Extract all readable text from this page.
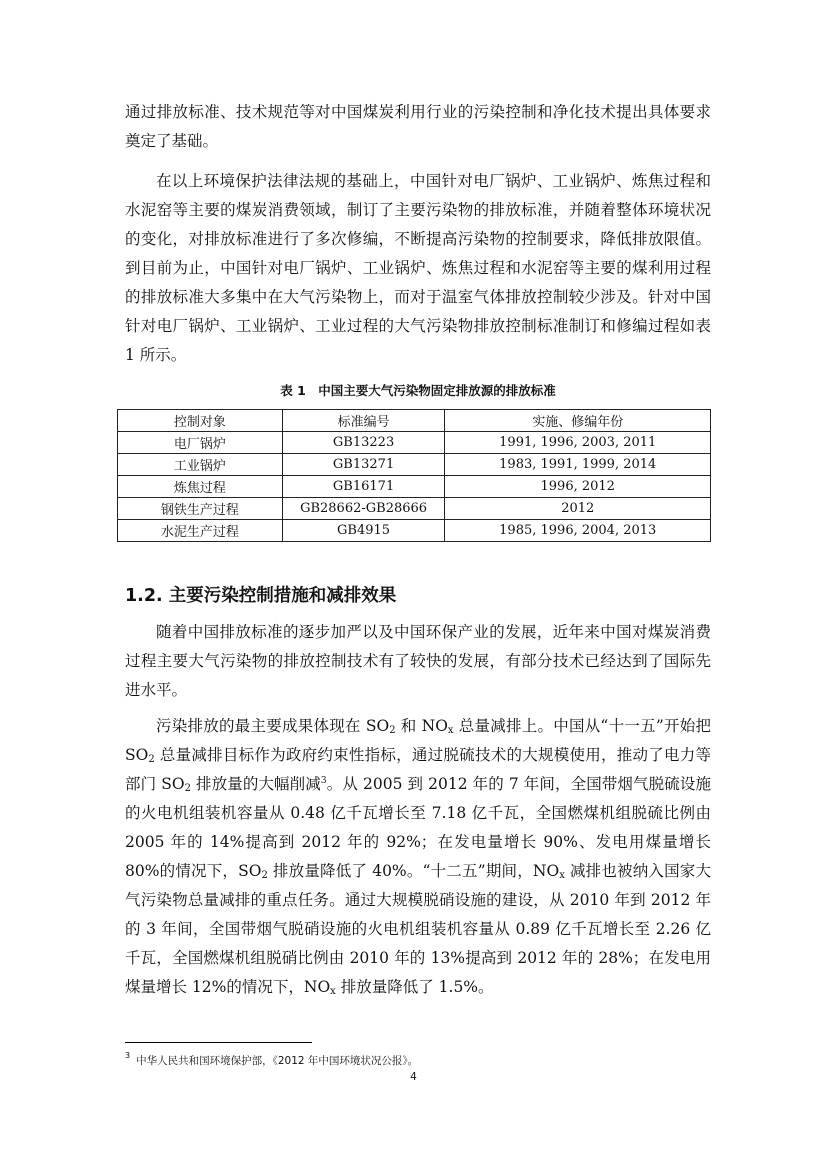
通过排放标准、技术规范等对中国煤炭利用行业的污染控制和净化技术提出具体要求奠定了基础。

在以上环境保护法律法规的基础上，中国针对电厂锅炉、工业锅炉、炼焦过程和水泥窑等主要的煤炭消费领域，制订了主要污染物的排放标准，并随着整体环境状况的变化，对排放标准进行了多次修编，不断提高污染物的控制要求，降低排放限值。到目前为止，中国针对电厂锅炉、工业锅炉、炼焦过程和水泥窑等主要的煤利用过程的排放标准大多集中在大气污染物上，而对于温室气体排放控制较少涉及。针对中国针对电厂锅炉、工业锅炉、工业过程的大气污染物排放控制标准制订和修编过程如表 1 所示。

表 1 中国主要大气污染物固定排放源的排放标准

控制对象	标准编号	实施、修编年份
电厂锅炉	GB13223	1991, 1996, 2003, 2011
工业锅炉	GB13271	1983, 1991, 1999, 2014
炼焦过程	GB16171	1996, 2012
钢铁生产过程	GB28662-GB28666	2012
水泥生产过程	GB4915	1985, 1996, 2004, 2013
1.2. 主要污染控制措施和减排效果

随着中国排放标准的逐步加严以及中国环保产业的发展，近年来中国对煤炭消费过程主要大气污染物的排放控制技术有了较快的发展，有部分技术已经达到了国际先进水平。

污染排放的最主要成果体现在 $SO_2$ 和 $NO_x$ 总量减排上。中国从“十一五”开始把 $SO_2$ 总量减排目标作为政府约束性指标，通过脱硫技术的大规模使用，推动了电力等部门 $SO_2$ 排放量的大幅削减$^3$。从 2005 到 2012 年的 7 年间，全国带烟气脱硫设施的火电机组装机容量从 0.48 亿千瓦增长至 7.18 亿千瓦，全国燃煤机组脱硫比例由 2005 年的 14%提高到 2012 年的 92%；在发电量增长 90%、发电用煤量增长 80%的情况下，$SO_2$ 排放量降低了 40%。“十二五”期间，$NO_x$ 减排也被纳入国家大气污染物总量减排的重点任务。通过大规模脱硝设施的建设，从 2010 年到 2012 年的 3 年间，全国带烟气脱硝设施的火电机组装机容量从 0.89 亿千瓦增长至 2.26 亿千瓦，全国燃煤机组脱硝比例由 2010 年的 13%提高到 2012 年的 28%；在发电用煤量增长 12%的情况下，$NO_x$ 排放量降低了 1.5%。

$^3$ 中华人民共和国环境保护部，《2012 年中国环境状况公报》。

4
